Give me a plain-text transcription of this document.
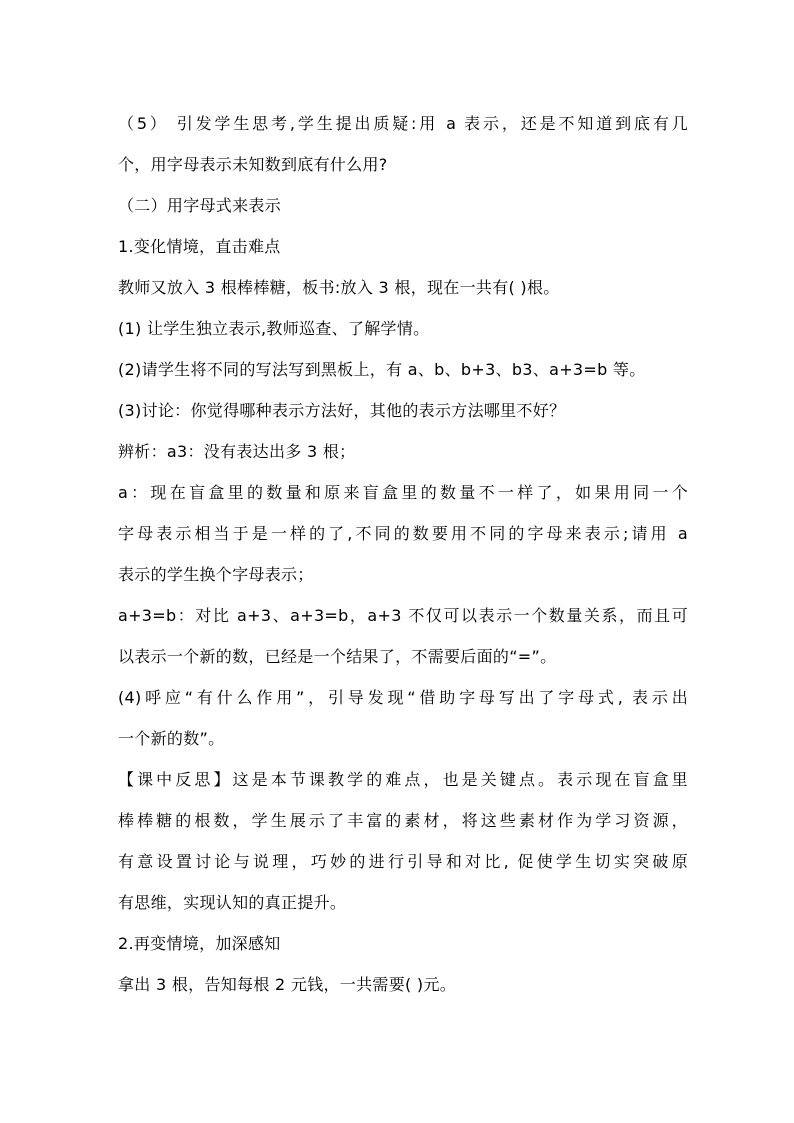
（5） 引发学生思考,学生提出质疑:用 a 表示，还是不知道到底有几
个，用字母表示未知数到底有什么用?
（二）用字母式来表示
1.变化情境，直击难点
教师又放入 3 根棒棒糖，板书:放入 3 根，现在一共有( )根。
(1) 让学生独立表示,教师巡查、了解学情。
(2)请学生将不同的写法写到黑板上，有 a、b、b+3、b3、a+3=b 等。
(3)讨论：你觉得哪种表示方法好，其他的表示方法哪里不好？
辨析：a3：没有表达出多 3 根；
a：现在盲盒里的数量和原来盲盒里的数量不一样了，如果用同一个
字母表示相当于是一样的了,不同的数要用不同的字母来表示;请用 a
表示的学生换个字母表示；
a+3=b：对比 a+3、a+3=b，a+3 不仅可以表示一个数量关系，而且可
以表示一个新的数，已经是一个结果了，不需要后面的“=”。
(4)呼应“有什么作用”，引导发现“借助字母写出了字母式, 表示出
一个新的数”。
【课中反思】这是本节课教学的难点，也是关键点。表示现在盲盒里
棒棒糖的根数，学生展示了丰富的素材，将这些素材作为学习资源，
有意设置讨论与说理，巧妙的进行引导和对比, 促使学生切实突破原
有思维，实现认知的真正提升。
2.再变情境，加深感知
拿出 3 根，告知每根 2 元钱，一共需要( )元。
